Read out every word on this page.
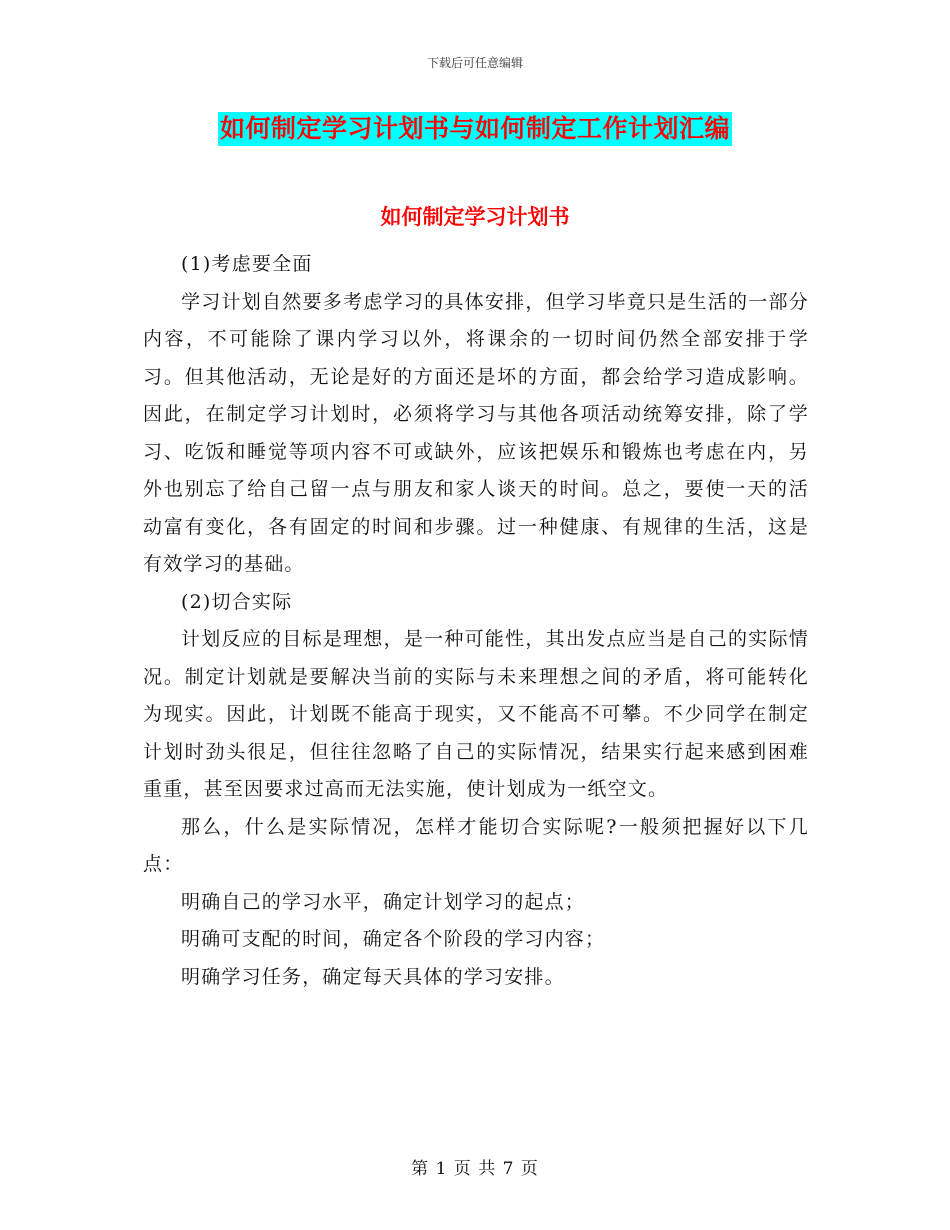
下载后可任意编辑
如何制定学习计划书与如何制定工作计划汇编
如何制定学习计划书

(1)考虑要全面

学习计划自然要多考虑学习的具体安排，但学习毕竟只是生活的一部分内容，不可能除了课内学习以外，将课余的一切时间仍然全部安排于学习。但其他活动，无论是好的方面还是坏的方面，都会给学习造成影响。因此，在制定学习计划时，必须将学习与其他各项活动统筹安排，除了学习、吃饭和睡觉等项内容不可或缺外，应该把娱乐和锻炼也考虑在内，另外也别忘了给自己留一点与朋友和家人谈天的时间。总之，要使一天的活动富有变化，各有固定的时间和步骤。过一种健康、有规律的生活，这是有效学习的基础。

(2)切合实际

计划反应的目标是理想，是一种可能性，其出发点应当是自己的实际情况。制定计划就是要解决当前的实际与未来理想之间的矛盾，将可能转化为现实。因此，计划既不能高于现实，又不能高不可攀。不少同学在制定计划时劲头很足，但往往忽略了自己的实际情况，结果实行起来感到困难重重，甚至因要求过高而无法实施，使计划成为一纸空文。

那么，什么是实际情况，怎样才能切合实际呢?一般须把握好以下几点：

明确自己的学习水平，确定计划学习的起点；

明确可支配的时间，确定各个阶段的学习内容；

明确学习任务，确定每天具体的学习安排。

第 1 页 共 7 页
